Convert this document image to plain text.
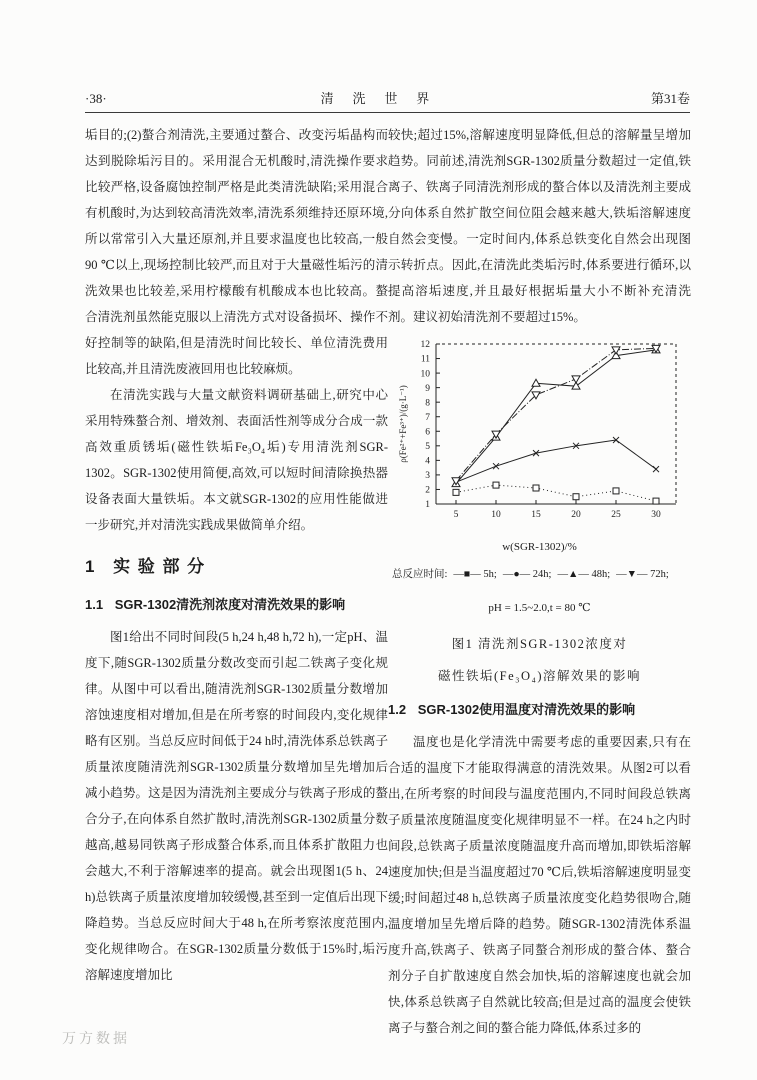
·38·	清 洗 世 界	第31卷

垢目的;(2)螯合剂清洗,主要通过螯合、改变污垢晶构而达到脱除垢污目的。采用混合无机酸时,清洗操作要求比较严格,设备腐蚀控制严格是此类清洗缺陷;采用混合有机酸时,为达到较高清洗效率,清洗系须维持还原环境,所以常常引入大量还原剂,并且要求温度也比较高,一般90 ℃以上,现场控制比较严,而且对于大量磁性垢污的清洗效果也比较差,采用柠檬酸有机酸成本也比较高。螯合清洗剂虽然能克服以上清洗方式对设备损坏、操作不好控制等的缺陷,但是清洗时间比较长、单位清洗费用比较高,并且清洗废液回用也比较麻烦。

在清洗实践与大量文献资料调研基础上,研究中心采用特殊螯合剂、增效剂、表面活性剂等成分合成一款高效重质锈垢(磁性铁垢Fe₃O₄垢)专用清洗剂SGR-1302。SGR-1302使用简便,高效,可以短时间清除换热器设备表面大量铁垢。本文就SGR-1302的应用性能做进一步研究,并对清洗实践成果做简单介绍。

1 实验部分
1.1 SGR-1302清洗剂浓度对清洗效果的影响

图1给出不同时间段(5 h,24 h,48 h,72 h),一定pH、温度下,随SGR-1302质量分数改变而引起二铁离子变化规律。从图中可以看出,随清洗剂SGR-1302质量分数增加溶蚀速度相对增加,但是在所考察的时间段内,变化规律略有区别。当总反应时间低于24 h时,清洗体系总铁离子质量浓度随清洗剂SGR-1302质量分数增加呈先增加后减小趋势。这是因为清洗剂主要成分与铁离子形成的螯合分子,在向体系自然扩散时,清洗剂SGR-1302质量分数越高,越易同铁离子形成螯合体系,而且体系扩散阻力也会越大,不利于溶解速率的提高。就会出现图1(5 h、24 h)总铁离子质量浓度增加较缓慢,甚至到一定值后出现下降趋势。当总反应时间大于48 h,在所考察浓度范围内,变化规律吻合。在SGR-1302质量分数低于15%时,垢污溶解速度增加比

较快;超过15%,溶解速度明显降低,但总的溶解量呈增加趋势。同前述,清洗剂SGR-1302质量分数超过一定值,铁离子、铁离子同清洗剂形成的螯合体以及清洗剂主要成分向体系自然扩散空间位阻会越来越大,铁垢溶解速度自然会变慢。一定时间内,体系总铁变化自然会出现图示转折点。因此,在清洗此类垢污时,体系要进行循环,以提高溶垢速度,并且最好根据垢量大小不断补充清洗剂。建议初始清洗剂不要超过15%。

1
2
3
4
5
6
7
8
9
10
11
12
5	10	15	20	25	30
ρ(Fe²⁺+Fe³⁺)/(g·L⁻¹)
w(SGR-1302)/%
总反应时间: —■— 5h; —●— 24h; —▲— 48h; —▼— 72h;
pH = 1.5~2.0,t = 80 ℃
图1 清洗剂SGR-1302浓度对
磁性铁垢(Fe₃O₄)溶解效果的影响
1.2 SGR-1302使用温度对清洗效果的影响

温度也是化学清洗中需要考虑的重要因素,只有在合适的温度下才能取得满意的清洗效果。从图2可以看出,在所考察的时间段与温度范围内,不同时间段总铁离子质量浓度随温度变化规律明显不一样。在24 h之内时间段,总铁离子质量浓度随温度升高而增加,即铁垢溶解速度加快;但是当温度超过70 ℃后,铁垢溶解速度明显变缓;时间超过48 h,总铁离子质量浓度变化趋势很吻合,随温度增加呈先增后降的趋势。随SGR-1302清洗体系温度升高,铁离子、铁离子同螯合剂形成的螯合体、螯合剂分子自扩散速度自然会加快,垢的溶解速度也就会加快,体系总铁离子自然就比较高;但是过高的温度会使铁离子与螯合剂之间的螯合能力降低,体系过多的

万方数据
